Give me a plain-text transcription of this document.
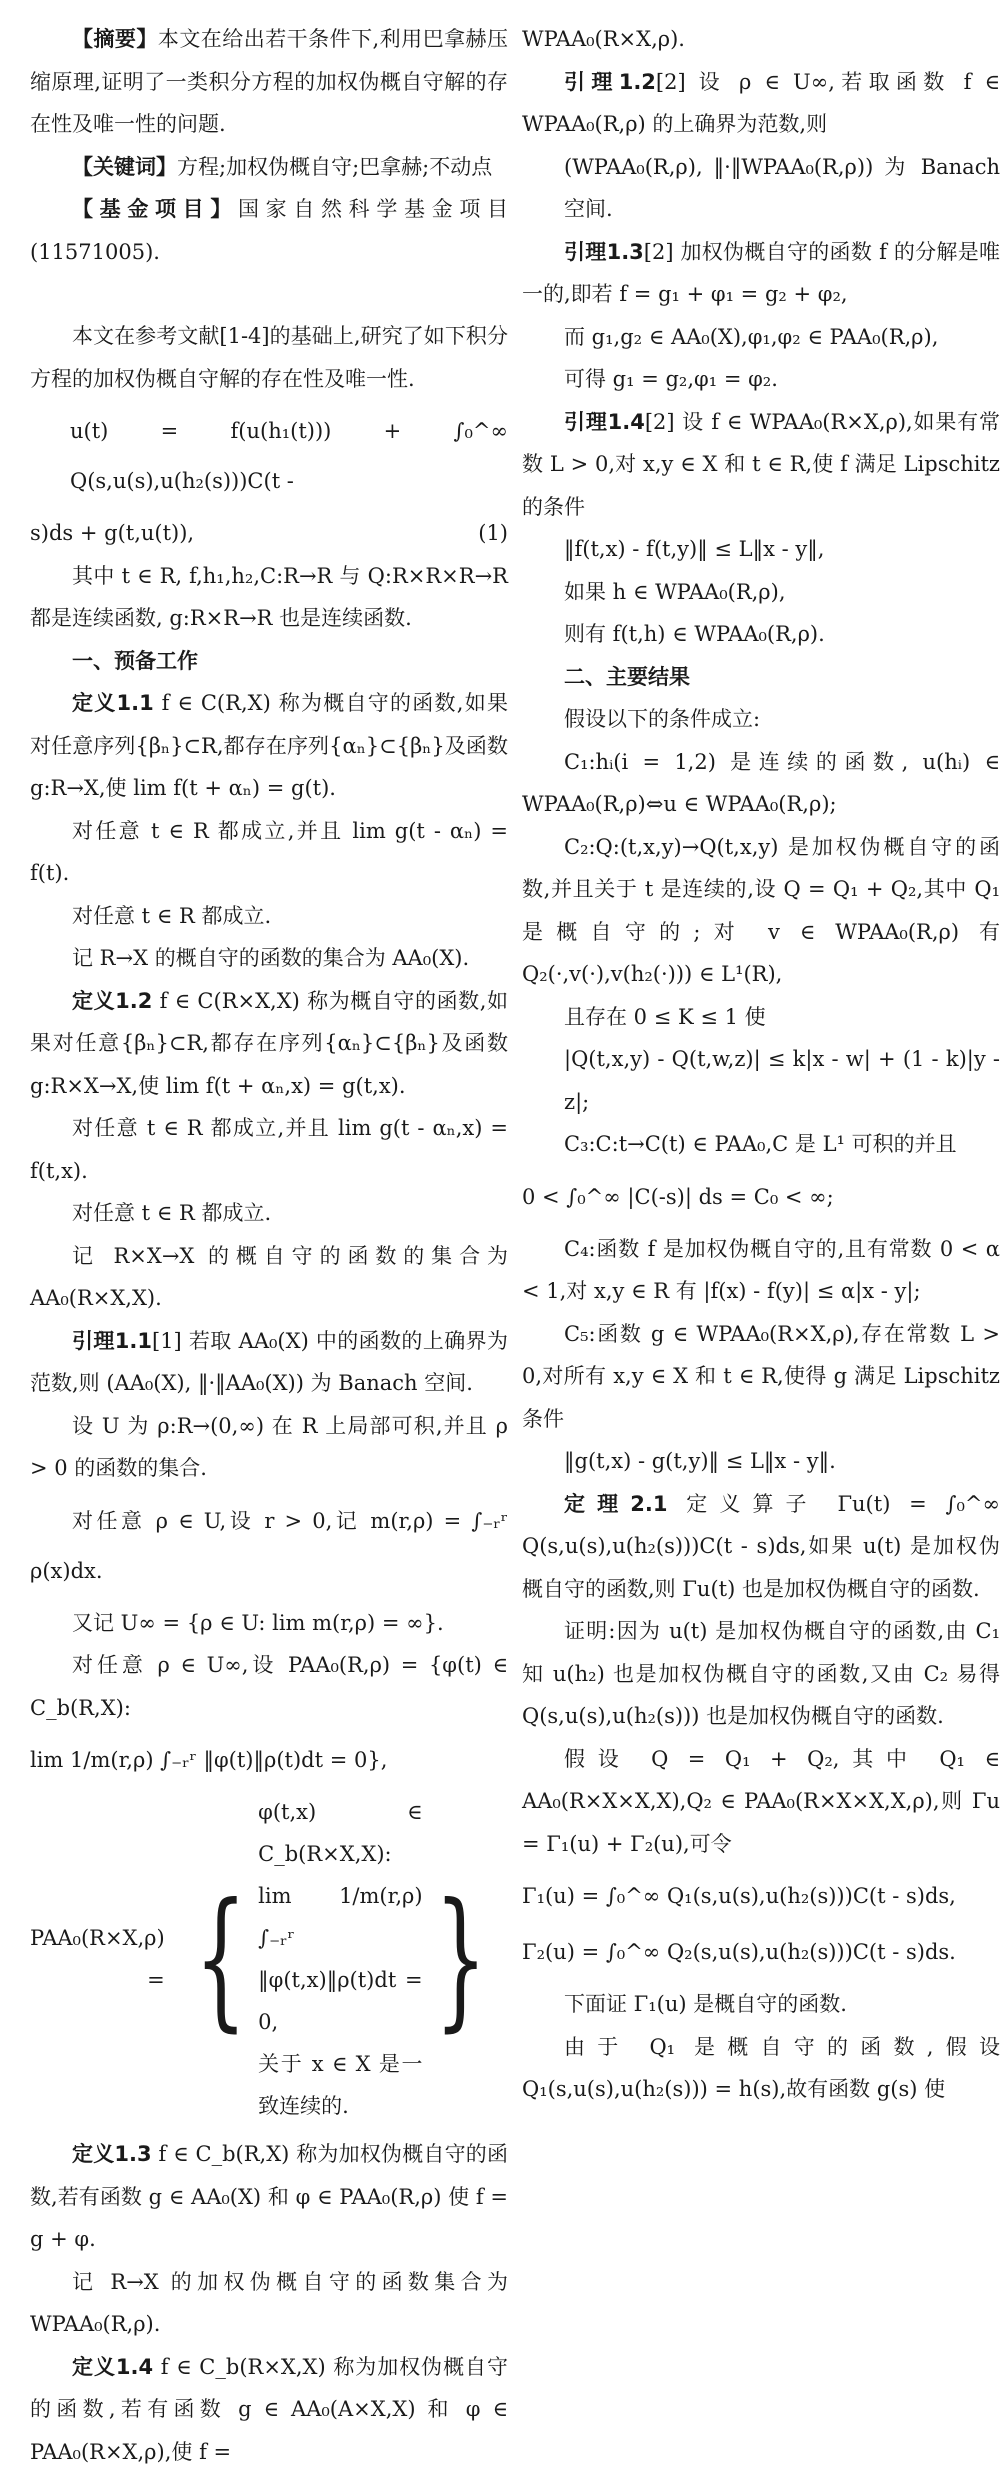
【摘要】本文在给出若干条件下,利用巴拿赫压缩原理,证明了一类积分方程的加权伪概自守解的存在性及唯一性的问题.

【关键词】方程;加权伪概自守;巴拿赫;不动点

【基金项目】国家自然科学基金项目(11571005).

本文在参考文献[1-4]的基础上,研究了如下积分方程的加权伪概自守解的存在性及唯一性.

u(t) = f(u(h₁(t))) + ∫₀^∞ Q(s,u(s),u(h₂(s)))C(t -

s)ds + g(t,u(t)),	(1)

其中 t ∈ R, f,h₁,h₂,C:R→R 与 Q:R×R×R→R 都是连续函数, g:R×R→R 也是连续函数.

一、预备工作

定义1.1 f ∈ C(R,X) 称为概自守的函数,如果对任意序列{βₙ}⊂R,都存在序列{αₙ}⊂{βₙ}及函数g:R→X,使 lim f(t + αₙ) = g(t).

对任意 t ∈ R 都成立,并且 lim g(t - αₙ) = f(t).

对任意 t ∈ R 都成立.

记 R→X 的概自守的函数的集合为 AA₀(X).

定义1.2 f ∈ C(R×X,X) 称为概自守的函数,如果对任意{βₙ}⊂R,都存在序列{αₙ}⊂{βₙ}及函数g:R×X→X,使 lim f(t + αₙ,x) = g(t,x).

对任意 t ∈ R 都成立,并且 lim g(t - αₙ,x) = f(t,x).

对任意 t ∈ R 都成立.

记 R×X→X 的概自守的函数的集合为 AA₀(R×X,X).

引理1.1[1] 若取 AA₀(X) 中的函数的上确界为范数,则 (AA₀(X), ‖·‖AA₀(X)) 为 Banach 空间.

设 U 为 ρ:R→(0,∞) 在 R 上局部可积,并且 ρ > 0 的函数的集合.

对任意 ρ ∈ U,设 r > 0,记 m(r,ρ) = ∫₋ᵣʳ ρ(x)dx.

又记 U∞ = {ρ ∈ U: lim m(r,ρ) = ∞}.

对任意 ρ ∈ U∞,设 PAA₀(R,ρ) = {φ(t) ∈ C_b(R,X):

lim 1/m(r,ρ) ∫₋ᵣʳ ‖φ(t)‖ρ(t)dt = 0},

PAA₀(R×X,ρ) = {
φ(t,x) ∈ C_b(R×X,X):
lim 1/m(r,ρ) ∫₋ᵣʳ ‖φ(t,x)‖ρ(t)dt = 0,
关于 x ∈ X 是一致连续的.
}

定义1.3 f ∈ C_b(R,X) 称为加权伪概自守的函数,若有函数 g ∈ AA₀(X) 和 φ ∈ PAA₀(R,ρ) 使 f = g + φ.

记 R→X 的加权伪概自守的函数集合为 WPAA₀(R,ρ).

定义1.4 f ∈ C_b(R×X,X) 称为加权伪概自守的函数,若有函数 g ∈ AA₀(A×X,X) 和 φ ∈ PAA₀(R×X,ρ),使 f =

WPAA₀(R×X,ρ).

引理1.2[2] 设 ρ ∈ U∞,若取函数 f ∈ WPAA₀(R,ρ) 的上确界为范数,则

(WPAA₀(R,ρ), ‖·‖WPAA₀(R,ρ)) 为 Banach 空间.

引理1.3[2] 加权伪概自守的函数 f 的分解是唯一的,即若 f = g₁ + φ₁ = g₂ + φ₂,

而 g₁,g₂ ∈ AA₀(X),φ₁,φ₂ ∈ PAA₀(R,ρ),

可得 g₁ = g₂,φ₁ = φ₂.

引理1.4[2] 设 f ∈ WPAA₀(R×X,ρ),如果有常数 L > 0,对 x,y ∈ X 和 t ∈ R,使 f 满足 Lipschitz 的条件

‖f(t,x) - f(t,y)‖ ≤ L‖x - y‖,

如果 h ∈ WPAA₀(R,ρ),

则有 f(t,h) ∈ WPAA₀(R,ρ).

二、主要结果

假设以下的条件成立:

C₁:hᵢ(i = 1,2) 是连续的函数, u(hᵢ) ∈ WPAA₀(R,ρ)⇔u ∈ WPAA₀(R,ρ);

C₂:Q:(t,x,y)→Q(t,x,y) 是加权伪概自守的函数,并且关于 t 是连续的,设 Q = Q₁ + Q₂,其中 Q₁ 是概自守的;对 v ∈ WPAA₀(R,ρ) 有 Q₂(·,v(·),v(h₂(·))) ∈ L¹(R),

且存在 0 ≤ K ≤ 1 使

|Q(t,x,y) - Q(t,w,z)| ≤ k|x - w| + (1 - k)|y - z|;

C₃:C:t→C(t) ∈ PAA₀,C 是 L¹ 可积的并且

0 < ∫₀^∞ |C(-s)| ds = C₀ < ∞;

C₄:函数 f 是加权伪概自守的,且有常数 0 < α < 1,对 x,y ∈ R 有 |f(x) - f(y)| ≤ α|x - y|;

C₅:函数 g ∈ WPAA₀(R×X,ρ),存在常数 L > 0,对所有 x,y ∈ X 和 t ∈ R,使得 g 满足 Lipschitz 条件

‖g(t,x) - g(t,y)‖ ≤ L‖x - y‖.

定理2.1 定义算子 Γu(t) = ∫₀^∞ Q(s,u(s),u(h₂(s)))C(t - s)ds,如果 u(t) 是加权伪概自守的函数,则 Γu(t) 也是加权伪概自守的函数.

证明:因为 u(t) 是加权伪概自守的函数,由 C₁ 知 u(h₂) 也是加权伪概自守的函数,又由 C₂ 易得 Q(s,u(s),u(h₂(s))) 也是加权伪概自守的函数.

假设 Q = Q₁ + Q₂,其中 Q₁ ∈ AA₀(R×X×X,X),Q₂ ∈ PAA₀(R×X×X,X,ρ),则 Γu = Γ₁(u) + Γ₂(u),可令

Γ₁(u) = ∫₀^∞ Q₁(s,u(s),u(h₂(s)))C(t - s)ds,

Γ₂(u) = ∫₀^∞ Q₂(s,u(s),u(h₂(s)))C(t - s)ds.

下面证 Γ₁(u) 是概自守的函数.

由于 Q₁ 是概自守的函数,假设 Q₁(s,u(s),u(h₂(s))) = h(s),故有函数 g(s) 使
